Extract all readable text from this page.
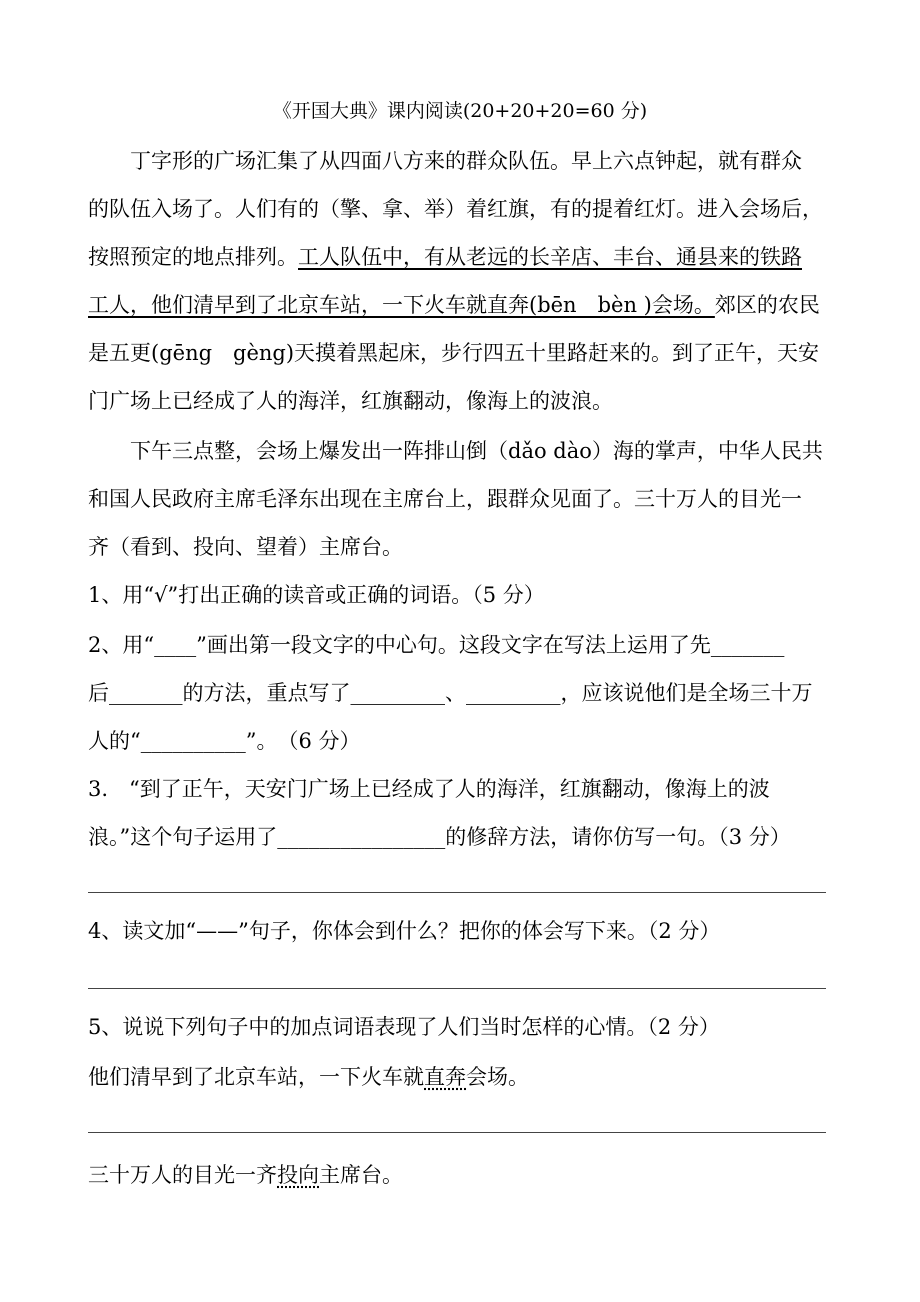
《开国大典》课内阅读(20+20+20=60 分)
丁字形的广场汇集了从四面八方来的群众队伍。早上六点钟起，就有群众
的队伍入场了。人们有的（擎、拿、举）着红旗，有的提着红灯。进入会场后，
按照预定的地点排列。工人队伍中，有从老远的长辛店、丰台、通县来的铁路
工人，他们清早到了北京车站，一下火车就直奔(bēn　bèn )会场。郊区的农民
是五更(gēng　gèng)天摸着黑起床，步行四五十里路赶来的。到了正午，天安
门广场上已经成了人的海洋，红旗翻动，像海上的波浪。
下午三点整，会场上爆发出一阵排山倒（dǎo dào）海的掌声，中华人民共
和国人民政府主席毛泽东出现在主席台上，跟群众见面了。三十万人的目光一
齐（看到、投向、望着）主席台。
1、用“√”打出正确的读音或正确的词语。（5 分）
2、用“____”画出第一段文字的中心句。这段文字在写法上运用了先_______
后_______的方法，重点写了_________、_________，应该说他们是全场三十万
人的“__________”。　（6 分）
3.　“到了正午，天安门广场上已经成了人的海洋，红旗翻动，像海上的波
浪。”这个句子运用了________________的修辞方法，请你仿写一句。（3 分）
4、读文加“——”句子，你体会到什么？把你的体会写下来。（2 分）
5、说说下列句子中的加点词语表现了人们当时怎样的心情。（2 分）
他们清早到了北京车站，一下火车就直奔会场。
三十万人的目光一齐投向主席台。
